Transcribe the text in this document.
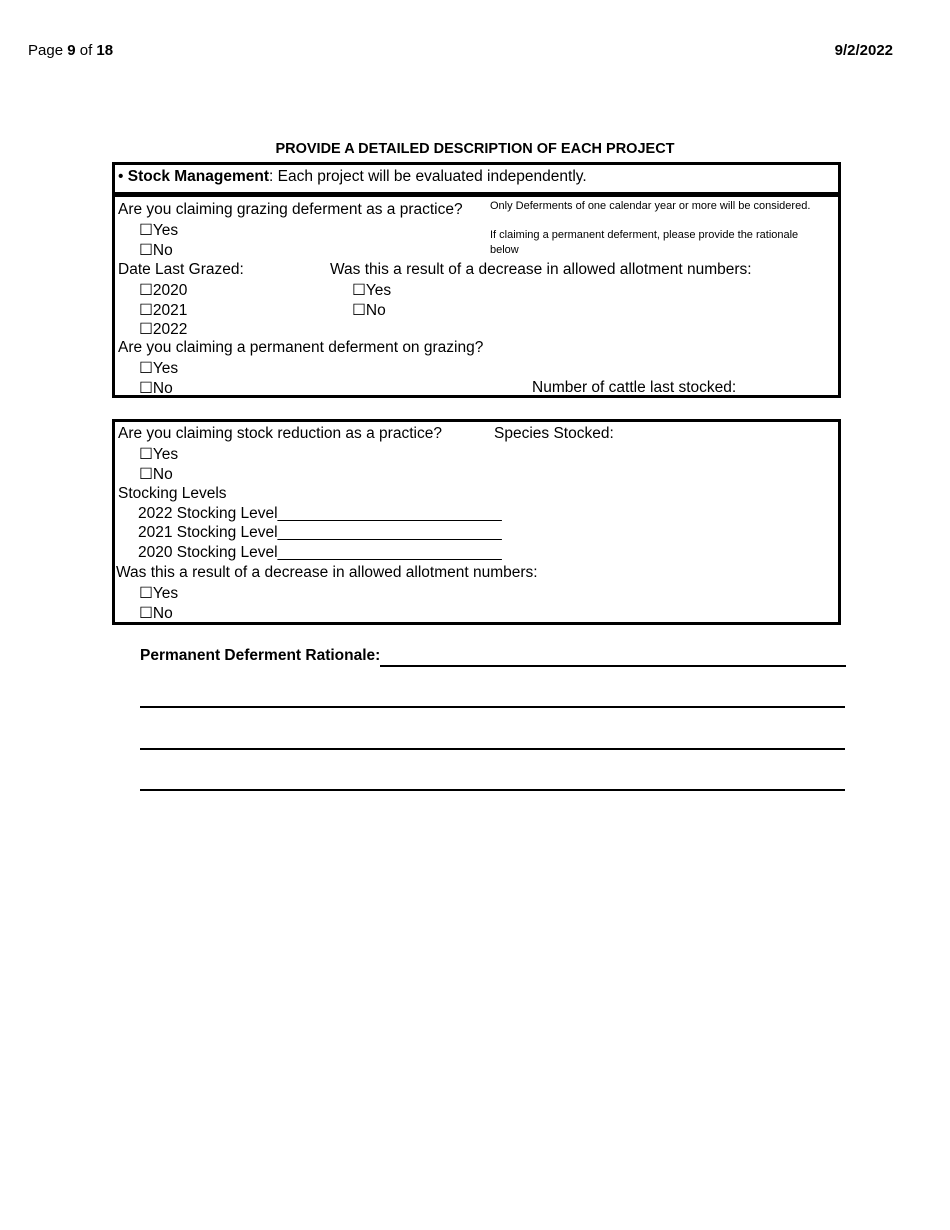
Page 9 of 18	9/2/2022
PROVIDE A DETAILED DESCRIPTION OF EACH PROJECT
• Stock Management: Each project will be evaluated independently.
Are you claiming grazing deferment as a practice? Only Deferments of one calendar year or more will be considered.
If claiming a permanent deferment, please provide the rationale
below
☐Yes
☐No
Date Last Grazed:	Was this a result of a decrease in allowed allotment numbers:
☐2020	☐Yes
☐2021	☐No
☐2022
Are you claiming a permanent deferment on grazing?
☐Yes
☐No	Number of cattle last stocked:
Are you claiming stock reduction as a practice?	Species Stocked:
☐Yes
☐No
Stocking Levels
2022 Stocking Level__________________________
2021 Stocking Level__________________________
2020 Stocking Level__________________________
Was this a result of a decrease in allowed allotment numbers:
☐Yes
☐No
Permanent Deferment Rationale:
